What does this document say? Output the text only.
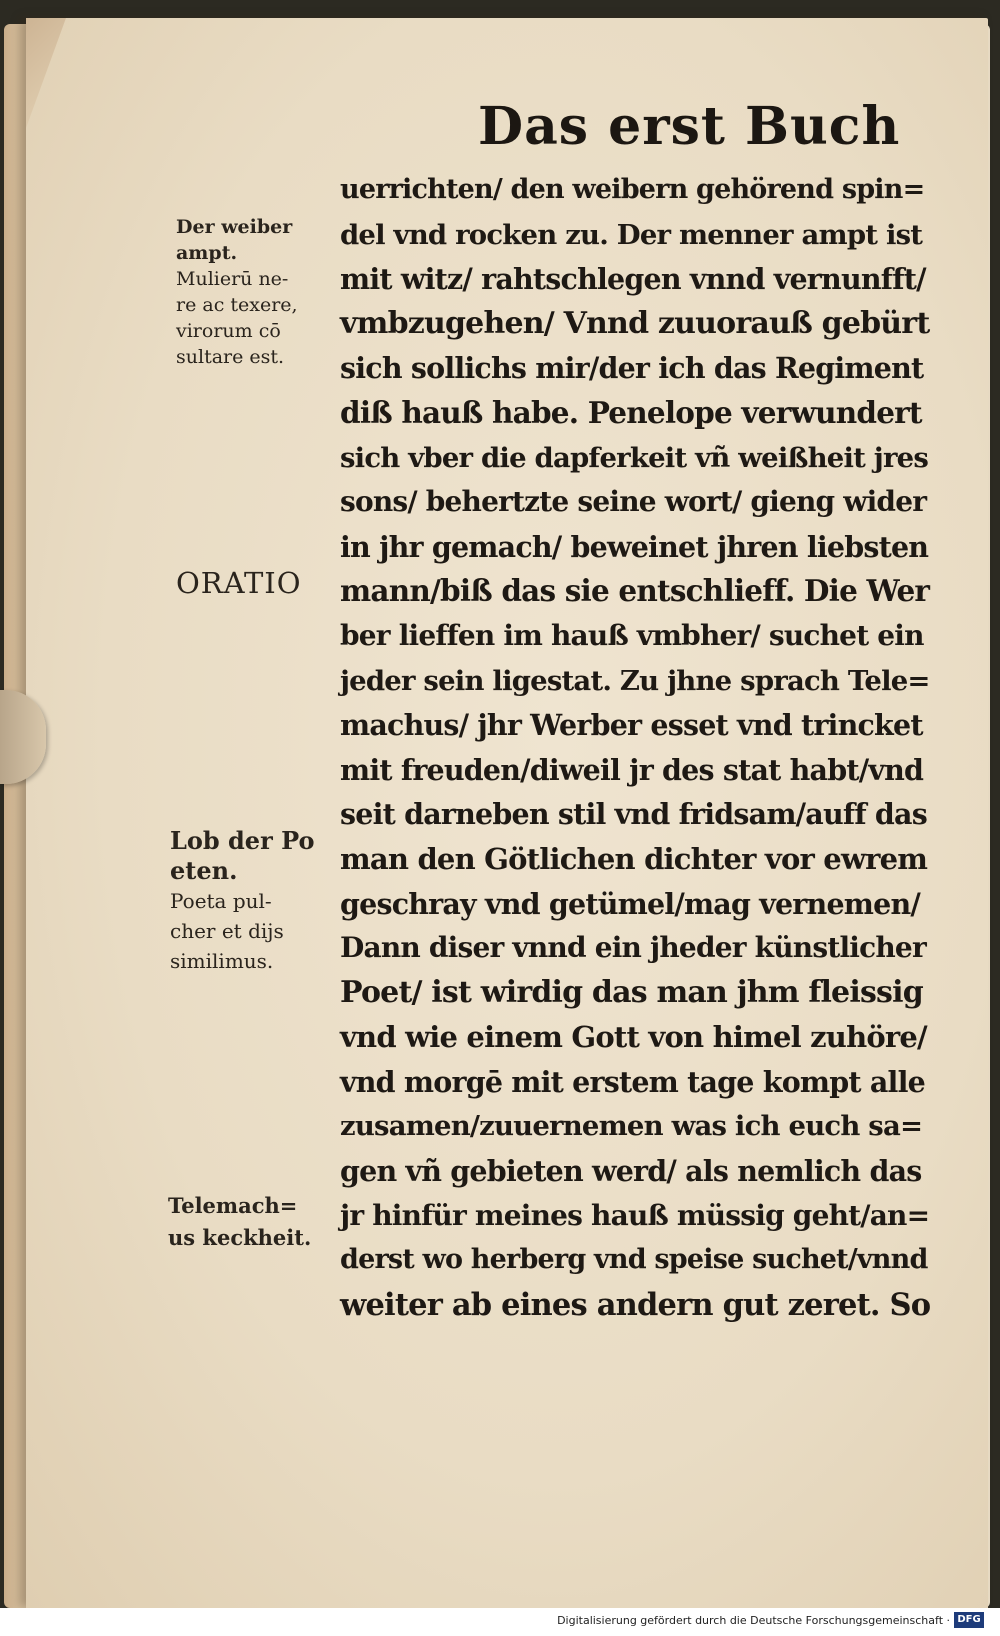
Das erst Buch
Der weiber
ampt.
Mulierū ne-
re ac texere,
virorum cō
sultare est.
ORATIO
Lob der Po
eten.
Poeta pul-
cher et dijs
similimus.
Telemach=
us keckheit.
uerrichten/ den weibern gehörend spin=
del vnd rocken zu. Der menner ampt ist
mit witz/ rahtschlegen vnnd vernunfft/
vmbzugehen/ Vnnd zuuorauß gebürt
sich sollichs mir/der ich das Regiment
diß hauß habe. Penelope verwundert
sich vber die dapferkeit vñ weißheit jres
sons/ behertzte seine wort/ gieng wider
in jhr gemach/ beweinet jhren liebsten
mann/biß das sie entschlieff. Die Wer
ber lieffen im hauß vmbher/ suchet ein
jeder sein ligestat. Zu jhne sprach Tele=
machus/ jhr Werber esset vnd trincket
mit freuden/diweil jr des stat habt/vnd
seit darneben stil vnd fridsam/auff das
man den Götlichen dichter vor ewrem
geschray vnd getümel/mag vernemen/
Dann diser vnnd ein jheder künstlicher
Poet/ ist wirdig das man jhm fleissig
vnd wie einem Gott von himel zuhöre/
vnd morgē mit erstem tage kompt alle
zusamen/zuuernemen was ich euch sa=
gen vñ gebieten werd/ als nemlich das
jr hinfür meines hauß müssig geht/an=
derst wo herberg vnd speise suchet/vnnd
weiter ab eines andern gut zeret. So
Digitalisierung gefördert durch die Deutsche Forschungsgemeinschaft · DFG
